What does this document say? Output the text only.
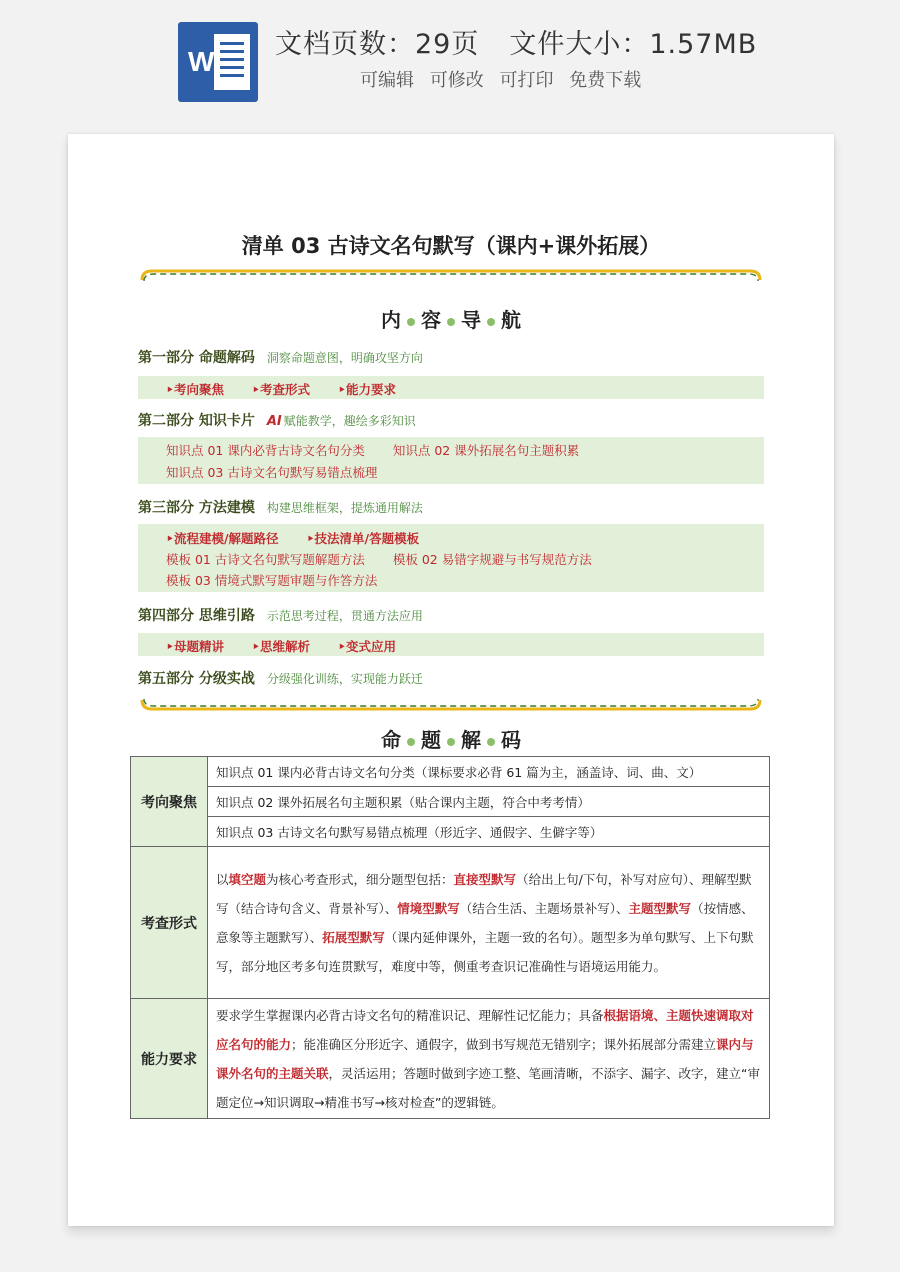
W
文档页数：29页 文件大小：1.57MB
可编辑 可修改 可打印 免费下载
清单 03 古诗文名句默写（课内+课外拓展）
内 容 导 航
第一部分 命题解码 洞察命题意图，明确攻坚方向
‣考向聚焦 ‣考查形式 ‣能力要求
第二部分 知识卡片 AI 赋能教学，趣绘多彩知识
知识点 01 课内必背古诗文名句分类 知识点 02 课外拓展名句主题积累
知识点 03 古诗文名句默写易错点梳理
第三部分 方法建模 构建思维框架，提炼通用解法
‣流程建模/解题路径 ‣技法清单/答题模板
模板 01 古诗文名句默写题解题方法 模板 02 易错字规避与书写规范方法
模板 03 情境式默写题审题与作答方法
第四部分 思维引路 示范思考过程，贯通方法应用
‣母题精讲 ‣思维解析 ‣变式应用
第五部分 分级实战 分级强化训练，实现能力跃迁
命 题 解 码
考向聚焦	知识点 01 课内必背古诗文名句分类（课标要求必背 61 篇为主，涵盖诗、词、曲、文）
	知识点 02 课外拓展名句主题积累（贴合课内主题，符合中考考情）
	知识点 03 古诗文名句默写易错点梳理（形近字、通假字、生僻字等）
考查形式	以填空题为核心考查形式，细分题型包括：直接型默写（给出上句/下句，补写对应句）、理解型默写（结合诗句含义、背景补写）、情境型默写（结合生活、主题场景补写）、主题型默写（按情感、意象等主题默写）、拓展型默写（课内延伸课外，主题一致的名句）。题型多为单句默写、上下句默写，部分地区考多句连贯默写，难度中等，侧重考查识记准确性与语境运用能力。
能力要求	要求学生掌握课内必背古诗文名句的精准识记、理解性记忆能力；具备根据语境、主题快速调取对应名句的能力；能准确区分形近字、通假字，做到书写规范无错别字；课外拓展部分需建立课内与课外名句的主题关联，灵活运用；答题时做到字迹工整、笔画清晰，不添字、漏字、改字，建立“审题定位→知识调取→精准书写→核对检查”的逻辑链。
